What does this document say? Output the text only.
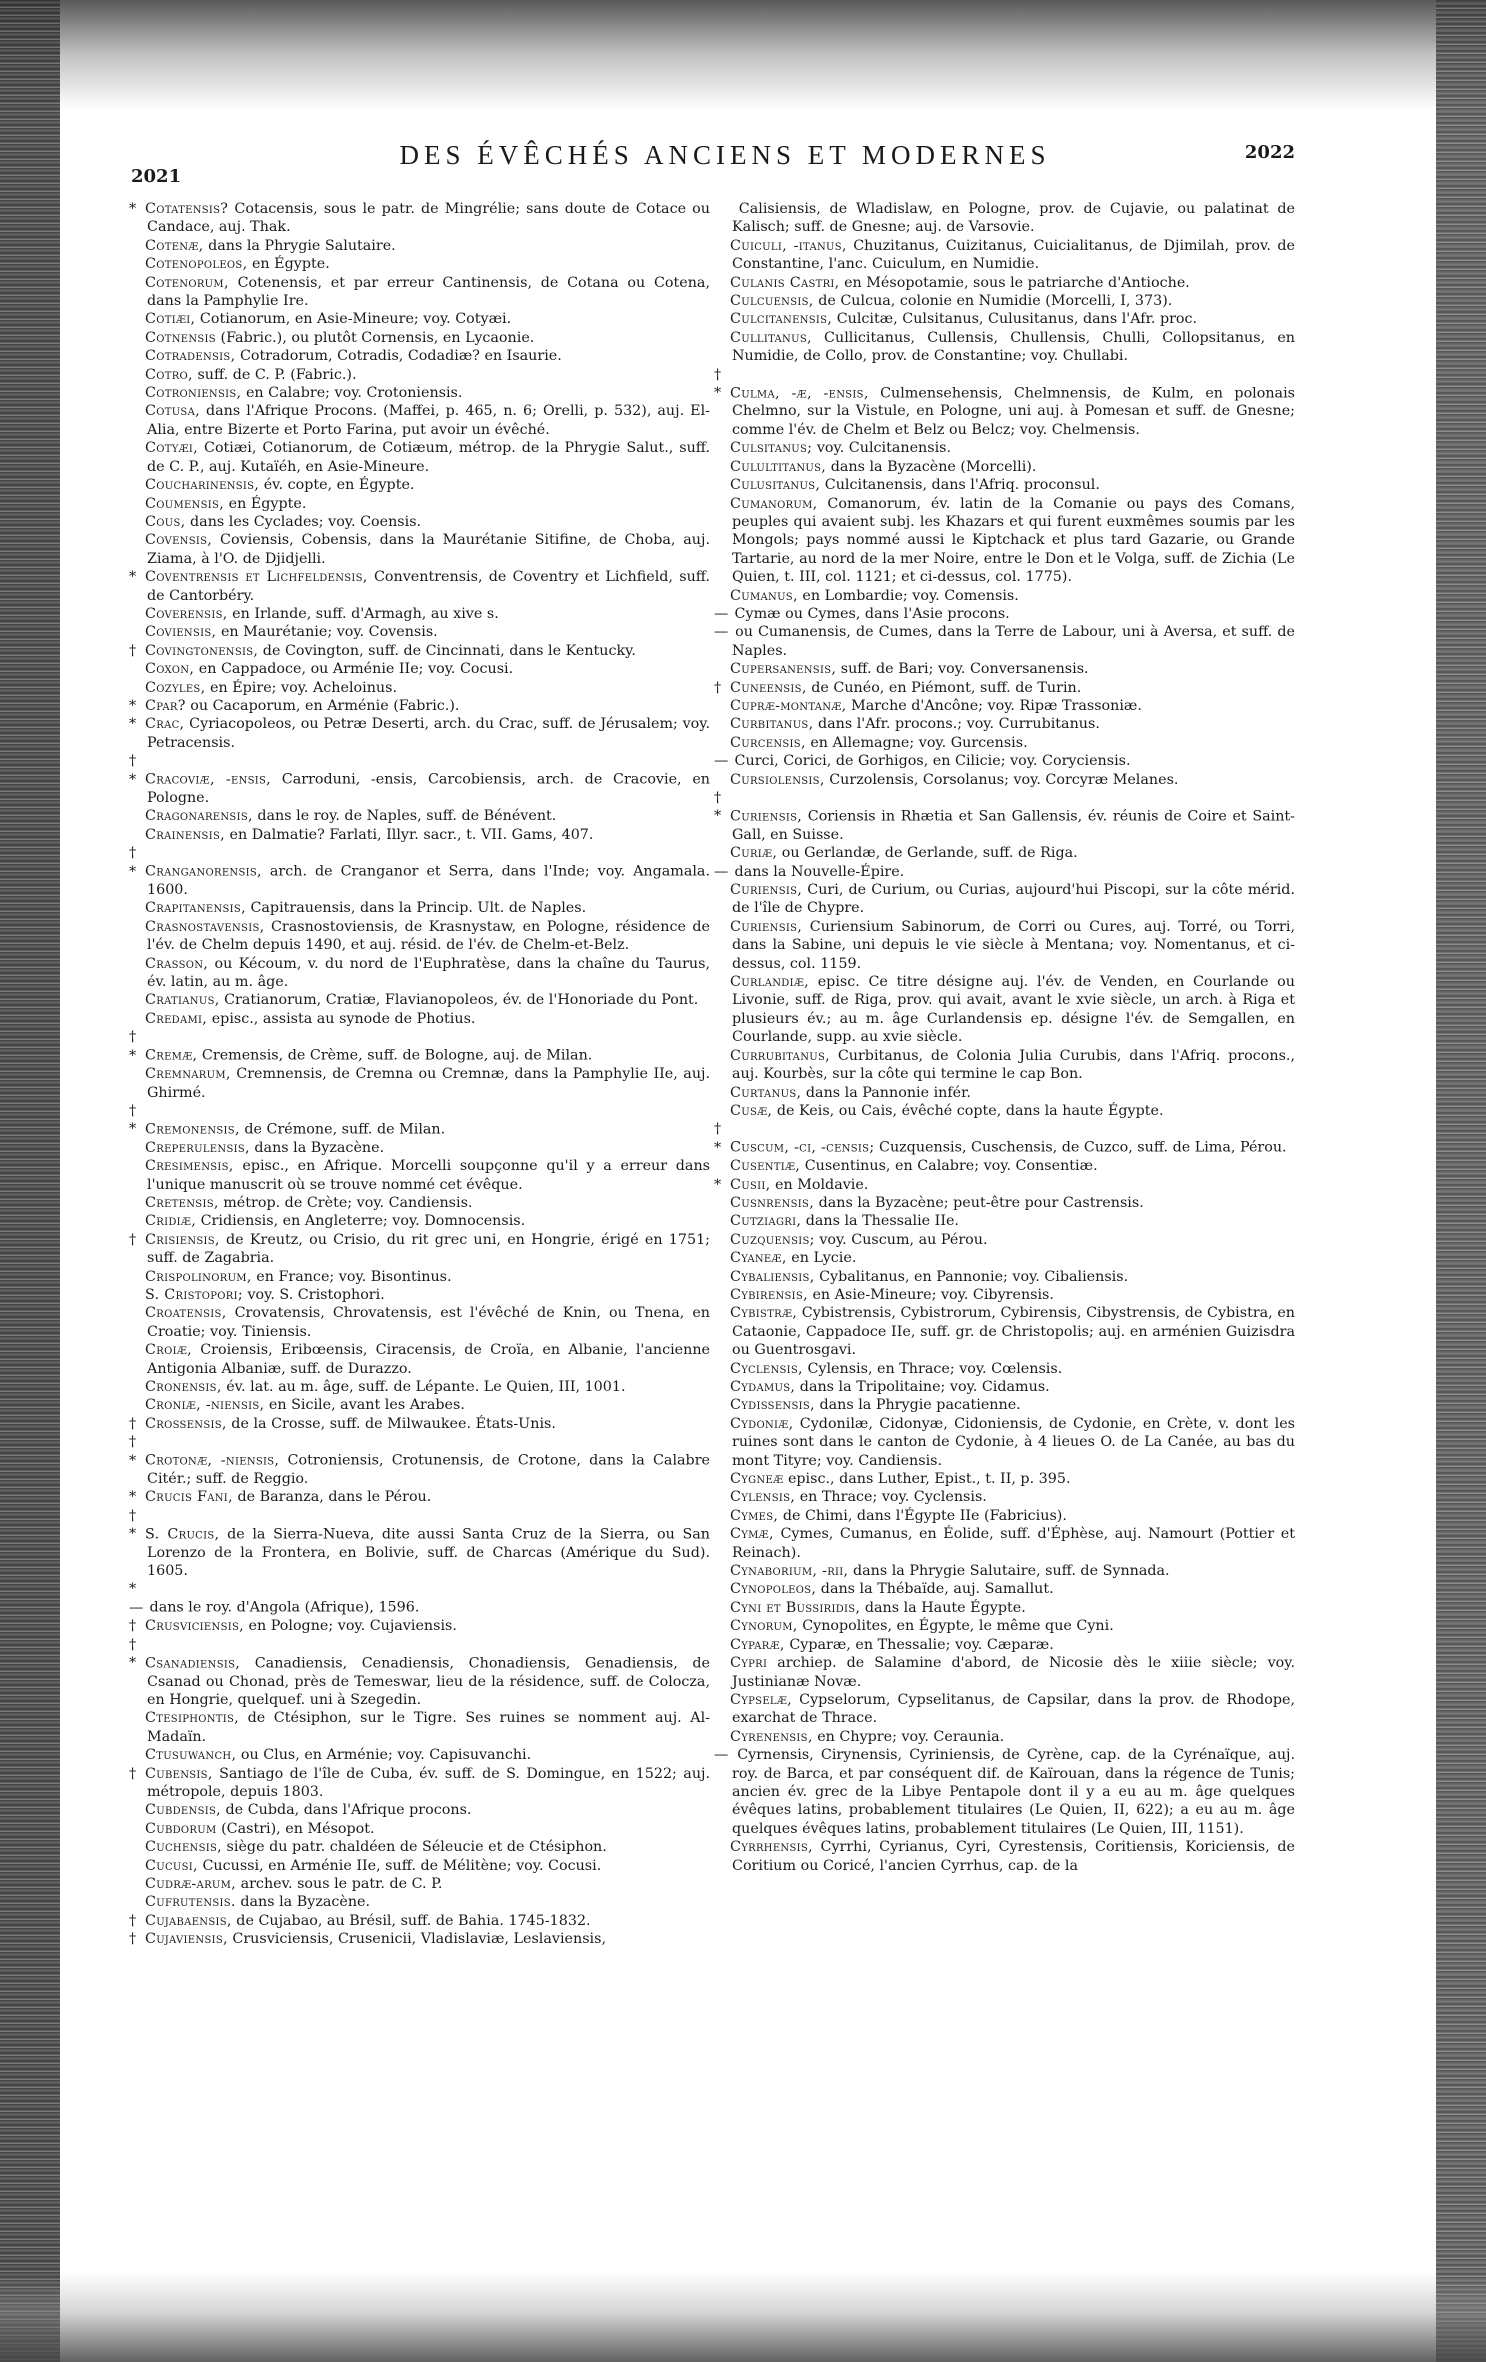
2021
DES ÉVÊCHÉS ANCIENS ET MODERNES	2022

* Cotatensis? Cotacensis, sous le patr. de Mingrélie; sans doute de Cotace ou Candace, auj. Thak.

Cotenæ, dans la Phrygie Salutaire.

Cotenopoleos, en Égypte.

Cotenorum, Cotenensis, et par erreur Cantinensis, de Cotana ou Cotena, dans la Pamphylie Ire.

Cotiæi, Cotianorum, en Asie-Mineure; voy. Cotyæi.

Cotnensis (Fabric.), ou plutôt Cornensis, en Lycaonie.

Cotradensis, Cotradorum, Cotradis, Codadiæ? en Isaurie.

Cotro, suff. de C. P. (Fabric.).

Cotroniensis, en Calabre; voy. Crotoniensis.

Cotusa, dans l'Afrique Procons. (Maffei, p. 465, n. 6; Orelli, p. 532), auj. El-Alia, entre Bizerte et Porto Farina, put avoir un évêché.

Cotyæi, Cotiæi, Cotianorum, de Cotiæum, métrop. de la Phrygie Salut., suff. de C. P., auj. Kutaïéh, en Asie-Mineure.

Coucharinensis, év. copte, en Égypte.

Coumensis, en Égypte.

Cous, dans les Cyclades; voy. Coensis.

Covensis, Coviensis, Cobensis, dans la Maurétanie Sitifine, de Choba, auj. Ziama, à l'O. de Djidjelli.

* Coventrensis et Lichfeldensis, Conventrensis, de Coventry et Lichfield, suff. de Cantorbéry.

Coverensis, en Irlande, suff. d'Armagh, au xive s.

Coviensis, en Maurétanie; voy. Covensis.

† Covingtonensis, de Covington, suff. de Cincinnati, dans le Kentucky.

Coxon, en Cappadoce, ou Arménie IIe; voy. Cocusi.

Cozyles, en Épire; voy. Acheloinus.

* Cpar? ou Cacaporum, en Arménie (Fabric.).

* Crac, Cyriacopoleos, ou Petræ Deserti, arch. du Crac, suff. de Jérusalem; voy. Petracensis.

† * Cracoviæ, -ensis, Carroduni, -ensis, Carcobiensis, arch. de Cracovie, en Pologne.

Cragonarensis, dans le roy. de Naples, suff. de Bénévent.

Crainensis, en Dalmatie? Farlati, Illyr. sacr., t. VII. Gams, 407.

† * Cranganorensis, arch. de Cranganor et Serra, dans l'Inde; voy. Angamala. 1600.

Crapitanensis, Capitrauensis, dans la Princip. Ult. de Naples.

Crasnostavensis, Crasnostoviensis, de Krasnystaw, en Pologne, résidence de l'év. de Chelm depuis 1490, et auj. résid. de l'év. de Chelm-et-Belz.

Crasson, ou Kécoum, v. du nord de l'Euphratèse, dans la chaîne du Taurus, év. latin, au m. âge.

Cratianus, Cratianorum, Cratiæ, Flavianopoleos, év. de l'Honoriade du Pont.

Credami, episc., assista au synode de Photius.

† * Cremæ, Cremensis, de Crème, suff. de Bologne, auj. de Milan.

Cremnarum, Cremnensis, de Cremna ou Cremnæ, dans la Pamphylie IIe, auj. Ghirmé.

† * Cremonensis, de Crémone, suff. de Milan.

Creperulensis, dans la Byzacène.

Cresimensis, episc., en Afrique. Morcelli soupçonne qu'il y a erreur dans l'unique manuscrit où se trouve nommé cet évêque.

Cretensis, métrop. de Crète; voy. Candiensis.

Cridiæ, Cridiensis, en Angleterre; voy. Domnocensis.

† Crisiensis, de Kreutz, ou Crisio, du rit grec uni, en Hongrie, érigé en 1751; suff. de Zagabria.

Crispolinorum, en France; voy. Bisontinus.

S. Cristopori; voy. S. Cristophori.

Croatensis, Crovatensis, Chrovatensis, est l'évêché de Knin, ou Tnena, en Croatie; voy. Tiniensis.

Croiæ, Croiensis, Eribœensis, Ciracensis, de Croïa, en Albanie, l'ancienne Antigonia Albaniæ, suff. de Durazzo.

Cronensis, év. lat. au m. âge, suff. de Lépante. Le Quien, III, 1001.

Croniæ, -niensis, en Sicile, avant les Arabes.

† Crossensis, de la Crosse, suff. de Milwaukee. États-Unis.

† * Crotonæ, -niensis, Cotroniensis, Crotunensis, de Crotone, dans la Calabre Citér.; suff. de Reggio.

* Crucis Fani, de Baranza, dans le Pérou.

† * S. Crucis, de la Sierra-Nueva, dite aussi Santa Cruz de la Sierra, ou San Lorenzo de la Frontera, en Bolivie, suff. de Charcas (Amérique du Sud). 1605.

* — dans le roy. d'Angola (Afrique), 1596.

† Crusviciensis, en Pologne; voy. Cujaviensis.

† * Csanadiensis, Canadiensis, Cenadiensis, Chonadiensis, Genadiensis, de Csanad ou Chonad, près de Temeswar, lieu de la résidence, suff. de Colocza, en Hongrie, quelquef. uni à Szegedin.

Ctesiphontis, de Ctésiphon, sur le Tigre. Ses ruines se nomment auj. Al-Madaïn.

Ctusuwanch, ou Clus, en Arménie; voy. Capisuvanchi.

† Cubensis, Santiago de l'île de Cuba, év. suff. de S. Domingue, en 1522; auj. métropole, depuis 1803.

Cubdensis, de Cubda, dans l'Afrique procons.

Cubdorum (Castri), en Mésopot.

Cuchensis, siège du patr. chaldéen de Séleucie et de Ctésiphon.

Cucusi, Cucussi, en Arménie IIe, suff. de Mélitène; voy. Cocusi.

Cudræ-arum, archev. sous le patr. de C. P.

Cufrutensis. dans la Byzacène.

† Cujabaensis, de Cujabao, au Brésil, suff. de Bahia. 1745-1832.

† Cujaviensis, Crusviciensis, Crusenicii, Vladislaviæ, Leslaviensis,

Calisiensis, de Wladislaw, en Pologne, prov. de Cujavie, ou palatinat de Kalisch; suff. de Gnesne; auj. de Varsovie.

Cuiculi, -itanus, Chuzitanus, Cuizitanus, Cuicialitanus, de Djimilah, prov. de Constantine, l'anc. Cuiculum, en Numidie.

Culanis Castri, en Mésopotamie, sous le patriarche d'Antioche.

Culcuensis, de Culcua, colonie en Numidie (Morcelli, I, 373).

Culcitanensis, Culcitæ, Culsitanus, Culusitanus, dans l'Afr. proc.

Cullitanus, Cullicitanus, Cullensis, Chullensis, Chulli, Collopsitanus, en Numidie, de Collo, prov. de Constantine; voy. Chullabi.

† * Culma, -æ, -ensis, Culmensehensis, Chelmnensis, de Kulm, en polonais Chelmno, sur la Vistule, en Pologne, uni auj. à Pomesan et suff. de Gnesne; comme l'év. de Chelm et Belz ou Belcz; voy. Chelmensis.

Culsitanus; voy. Culcitanensis.

Culultitanus, dans la Byzacène (Morcelli).

Culusitanus, Culcitanensis, dans l'Afriq. proconsul.

Cumanorum, Comanorum, év. latin de la Comanie ou pays des Comans, peuples qui avaient subj. les Khazars et qui furent euxmêmes soumis par les Mongols; pays nommé aussi le Kiptchack et plus tard Gazarie, ou Grande Tartarie, au nord de la mer Noire, entre le Don et le Volga, suff. de Zichia (Le Quien, t. III, col. 1121; et ci-dessus, col. 1775).

Cumanus, en Lombardie; voy. Comensis.

— Cymæ ou Cymes, dans l'Asie procons.

— ou Cumanensis, de Cumes, dans la Terre de Labour, uni à Aversa, et suff. de Naples.

Cupersanensis, suff. de Bari; voy. Conversanensis.

† Cuneensis, de Cunéo, en Piémont, suff. de Turin.

Cupræ-montanæ, Marche d'Ancône; voy. Ripæ Trassoniæ.

Curbitanus, dans l'Afr. procons.; voy. Currubitanus.

Curcensis, en Allemagne; voy. Gurcensis.

— Curci, Corici, de Gorhigos, en Cilicie; voy. Coryciensis.

Cursiolensis, Curzolensis, Corsolanus; voy. Corcyræ Melanes.

† * Curiensis, Coriensis in Rhætia et San Gallensis, év. réunis de Coire et Saint-Gall, en Suisse.

Curiæ, ou Gerlandæ, de Gerlande, suff. de Riga.

— dans la Nouvelle-Épire.

Curiensis, Curi, de Curium, ou Curias, aujourd'hui Piscopi, sur la côte mérid. de l'île de Chypre.

Curiensis, Curiensium Sabinorum, de Corri ou Cures, auj. Torré, ou Torri, dans la Sabine, uni depuis le vie siècle à Mentana; voy. Nomentanus, et ci-dessus, col. 1159.

Curlandiæ, episc. Ce titre désigne auj. l'év. de Venden, en Courlande ou Livonie, suff. de Riga, prov. qui avait, avant le xvie siècle, un arch. à Riga et plusieurs év.; au m. âge Curlandensis ep. désigne l'év. de Semgallen, en Courlande, supp. au xvie siècle.

Currubitanus, Curbitanus, de Colonia Julia Curubis, dans l'Afriq. procons., auj. Kourbès, sur la côte qui termine le cap Bon.

Curtanus, dans la Pannonie infér.

Cusæ, de Keis, ou Cais, évêché copte, dans la haute Égypte.

† * Cuscum, -ci, -censis; Cuzquensis, Cuschensis, de Cuzco, suff. de Lima, Pérou.

Cusentiæ, Cusentinus, en Calabre; voy. Consentiæ.

* Cusii, en Moldavie.

Cusnrensis, dans la Byzacène; peut-être pour Castrensis.

Cutziagri, dans la Thessalie IIe.

Cuzquensis; voy. Cuscum, au Pérou.

Cyaneæ, en Lycie.

Cybaliensis, Cybalitanus, en Pannonie; voy. Cibaliensis.

Cybirensis, en Asie-Mineure; voy. Cibyrensis.

Cybistræ, Cybistrensis, Cybistrorum, Cybirensis, Cibystrensis, de Cybistra, en Cataonie, Cappadoce IIe, suff. gr. de Christopolis; auj. en arménien Guizisdra ou Guentrosgavi.

Cyclensis, Cylensis, en Thrace; voy. Cœlensis.

Cydamus, dans la Tripolitaine; voy. Cidamus.

Cydissensis, dans la Phrygie pacatienne.

Cydoniæ, Cydonilæ, Cidonyæ, Cidoniensis, de Cydonie, en Crète, v. dont les ruines sont dans le canton de Cydonie, à 4 lieues O. de La Canée, au bas du mont Tityre; voy. Candiensis.

Cygneæ episc., dans Luther, Epist., t. II, p. 395.

Cylensis, en Thrace; voy. Cyclensis.

Cymes, de Chimi, dans l'Égypte IIe (Fabricius).

Cymæ, Cymes, Cumanus, en Éolide, suff. d'Éphèse, auj. Namourt (Pottier et Reinach).

Cynaborium, -rii, dans la Phrygie Salutaire, suff. de Synnada.

Cynopoleos, dans la Thébaïde, auj. Samallut.

Cyni et Bussiridis, dans la Haute Égypte.

Cynorum, Cynopolites, en Égypte, le même que Cyni.

Cyparæ, Cyparæ, en Thessalie; voy. Cæparæ.

Cypri archiep. de Salamine d'abord, de Nicosie dès le xiiie siècle; voy. Justinianæ Novæ.

Cypselæ, Cypselorum, Cypselitanus, de Capsilar, dans la prov. de Rhodope, exarchat de Thrace.

Cyrenensis, en Chypre; voy. Ceraunia.

— Cyrnensis, Cirynensis, Cyriniensis, de Cyrène, cap. de la Cyrénaïque, auj. roy. de Barca, et par conséquent dif. de Kaïrouan, dans la régence de Tunis; ancien év. grec de la Libye Pentapole dont il y a eu au m. âge quelques évêques latins, probablement titulaires (Le Quien, II, 622); a eu au m. âge quelques évêques latins, probablement titulaires (Le Quien, III, 1151).

Cyrrhensis, Cyrrhi, Cyrianus, Cyri, Cyrestensis, Coritiensis, Koriciensis, de Coritium ou Coricé, l'ancien Cyrrhus, cap. de la
